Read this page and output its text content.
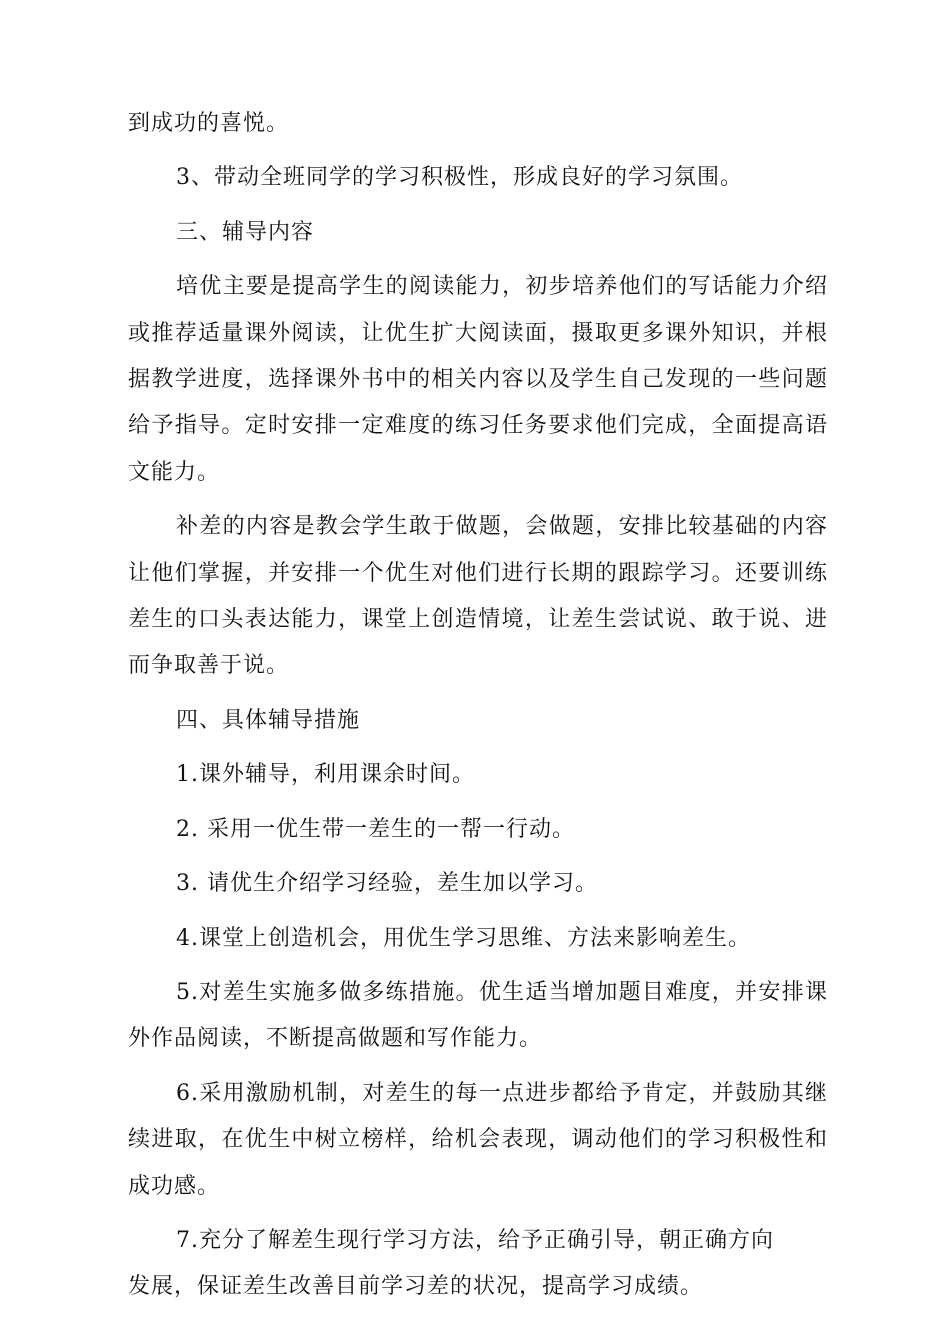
到成功的喜悦。

3、带动全班同学的学习积极性，形成良好的学习氛围。

三、辅导内容

培优主要是提高学生的阅读能力，初步培养他们的写话能力介绍或推荐适量课外阅读，让优生扩大阅读面，摄取更多课外知识，并根据教学进度，选择课外书中的相关内容以及学生自己发现的一些问题给予指导。定时安排一定难度的练习任务要求他们完成，全面提高语文能力。

补差的内容是教会学生敢于做题，会做题，安排比较基础的内容让他们掌握，并安排一个优生对他们进行长期的跟踪学习。还要训练差生的口头表达能力，课堂上创造情境，让差生尝试说、敢于说、进而争取善于说。

四、具体辅导措施

1.课外辅导，利用课余时间。

2. 采用一优生带一差生的一帮一行动。

3. 请优生介绍学习经验，差生加以学习。

4.课堂上创造机会，用优生学习思维、方法来影响差生。

5.对差生实施多做多练措施。优生适当增加题目难度，并安排课外作品阅读，不断提高做题和写作能力。

6.采用激励机制，对差生的每一点进步都给予肯定，并鼓励其继续进取，在优生中树立榜样，给机会表现，调动他们的学习积极性和成功感。

7.充分了解差生现行学习方法，给予正确引导，朝正确方向

发展，保证差生改善目前学习差的状况，提高学习成绩。
